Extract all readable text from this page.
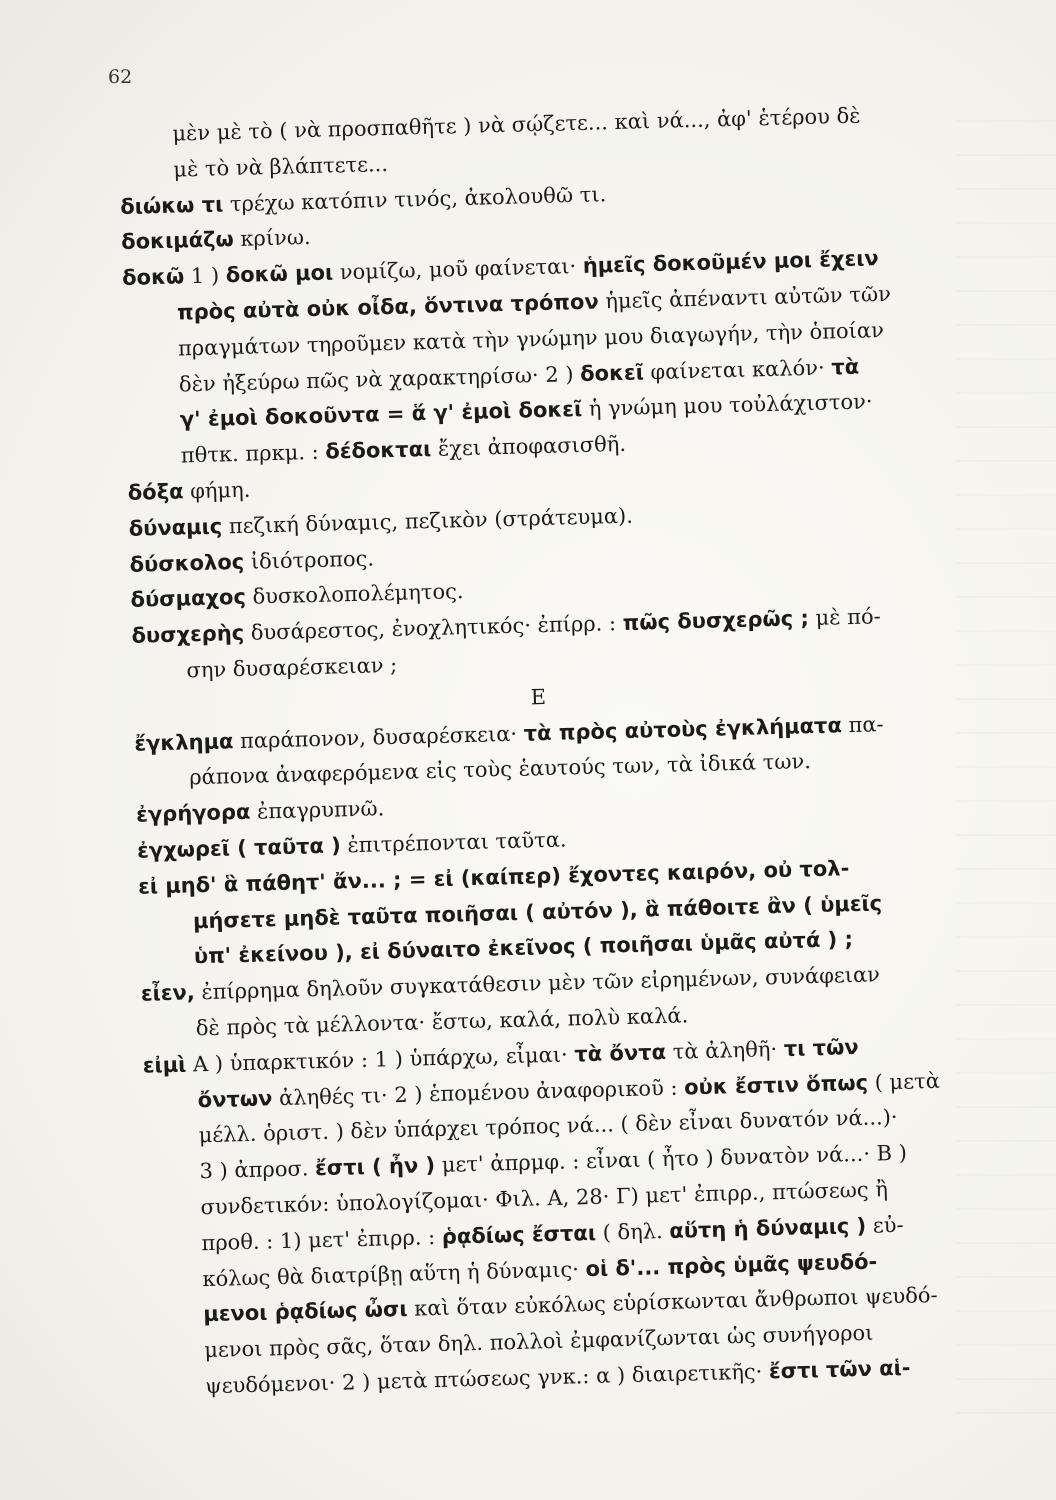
62
μὲν μὲ τὸ ( νὰ προσπαθῆτε ) νὰ σῴζετε... καὶ νά..., ἀφ' ἑτέρου δὲ
μὲ τὸ νὰ βλάπτετε...
διώκω τι τρέχω κατόπιν τινός, ἀκολουθῶ τι.
δοκιμάζω κρίνω.
δοκῶ 1 ) δοκῶ μοι νομίζω, μοῦ φαίνεται· ἡμεῖς δοκοῦμέν μοι ἔχειν
πρὸς αὐτὰ οὐκ οἶδα, ὅντινα τρόπον ἡμεῖς ἀπέναντι αὐτῶν τῶν
πραγμάτων τηροῦμεν κατὰ τὴν γνώμην μου διαγωγήν, τὴν ὁποίαν
δὲν ἠξεύρω πῶς νὰ χαρακτηρίσω· 2 ) δοκεῖ φαίνεται καλόν· τὰ
γ' ἐμοὶ δοκοῦντα = ἅ γ' ἐμοὶ δοκεῖ ἡ γνώμη μου τοὐλάχιστον·
πθτκ. πρκμ. : δέδοκται ἔχει ἀποφασισθῆ.
δόξα φήμη.
δύναμις πεζική δύναμις, πεζικὸν (στράτευμα).
δύσκολος ἰδιότροπος.
δύσμαχος δυσκολοπολέμητος.
δυσχερὴς δυσάρεστος, ἐνοχλητικός· ἐπίρρ. : πῶς δυσχερῶς ; μὲ πό-
σην δυσαρέσκειαν ;
Ε
ἔγκλημα παράπονον, δυσαρέσκεια· τὰ πρὸς αὐτοὺς ἐγκλήματα πα-
ράπονα ἀναφερόμενα εἰς τοὺς ἑαυτούς των, τὰ ἰδικά των.
ἐγρήγορα ἐπαγρυπνῶ.
ἐγχωρεῖ ( ταῦτα ) ἐπιτρέπονται ταῦτα.
εἰ μηδ' ἃ πάθητ' ἄν... ; = εἰ (καίπερ) ἔχοντες καιρόν, οὐ τολ-
μήσετε μηδὲ ταῦτα ποιῆσαι ( αὐτόν ), ἃ πάθοιτε ἂν ( ὑμεῖς
ὑπ' ἐκείνου ), εἰ δύναιτο ἐκεῖνος ( ποιῆσαι ὑμᾶς αὐτά ) ;
εἶεν, ἐπίρρημα δηλοῦν συγκατάθεσιν μὲν τῶν εἰρημένων, συνάφειαν
δὲ πρὸς τὰ μέλλοντα· ἔστω, καλά, πολὺ καλά.
εἰμὶ A ) ὑπαρκτικόν : 1 ) ὑπάρχω, εἶμαι· τὰ ὄντα τὰ ἀληθῆ· τι τῶν
ὄντων ἀληθές τι· 2 ) ἑπομένου ἀναφορικοῦ : οὐκ ἔστιν ὅπως ( μετὰ
μέλλ. ὁριστ. ) δὲν ὑπάρχει τρόπος νά... ( δὲν εἶναι δυνατόν νά...)·
3 ) ἀπροσ. ἔστι ( ἦν ) μετ' ἀπρμφ. : εἶναι ( ἦτο ) δυνατὸν νά...· B )
συνδετικόν: ὑπολογίζομαι· Φιλ. A, 28· Γ) μετ' ἐπιρρ., πτώσεως ἢ
προθ. : 1) μετ' ἐπιρρ. : ῥᾳδίως ἔσται ( δηλ. αὕτη ἡ δύναμις ) εὐ-
κόλως θὰ διατρίβῃ αὕτη ἡ δύναμις· οἱ δ'... πρὸς ὑμᾶς ψευδό-
μενοι ῥᾳδίως ὦσι καὶ ὅταν εὐκόλως εὑρίσκωνται ἄνθρωποι ψευδό-
μενοι πρὸς σᾶς, ὅταν δηλ. πολλοὶ ἐμφανίζωνται ὡς συνήγοροι
ψευδόμενοι· 2 ) μετὰ πτώσεως γνκ.: α ) διαιρετικῆς· ἔστι τῶν αἱ-
